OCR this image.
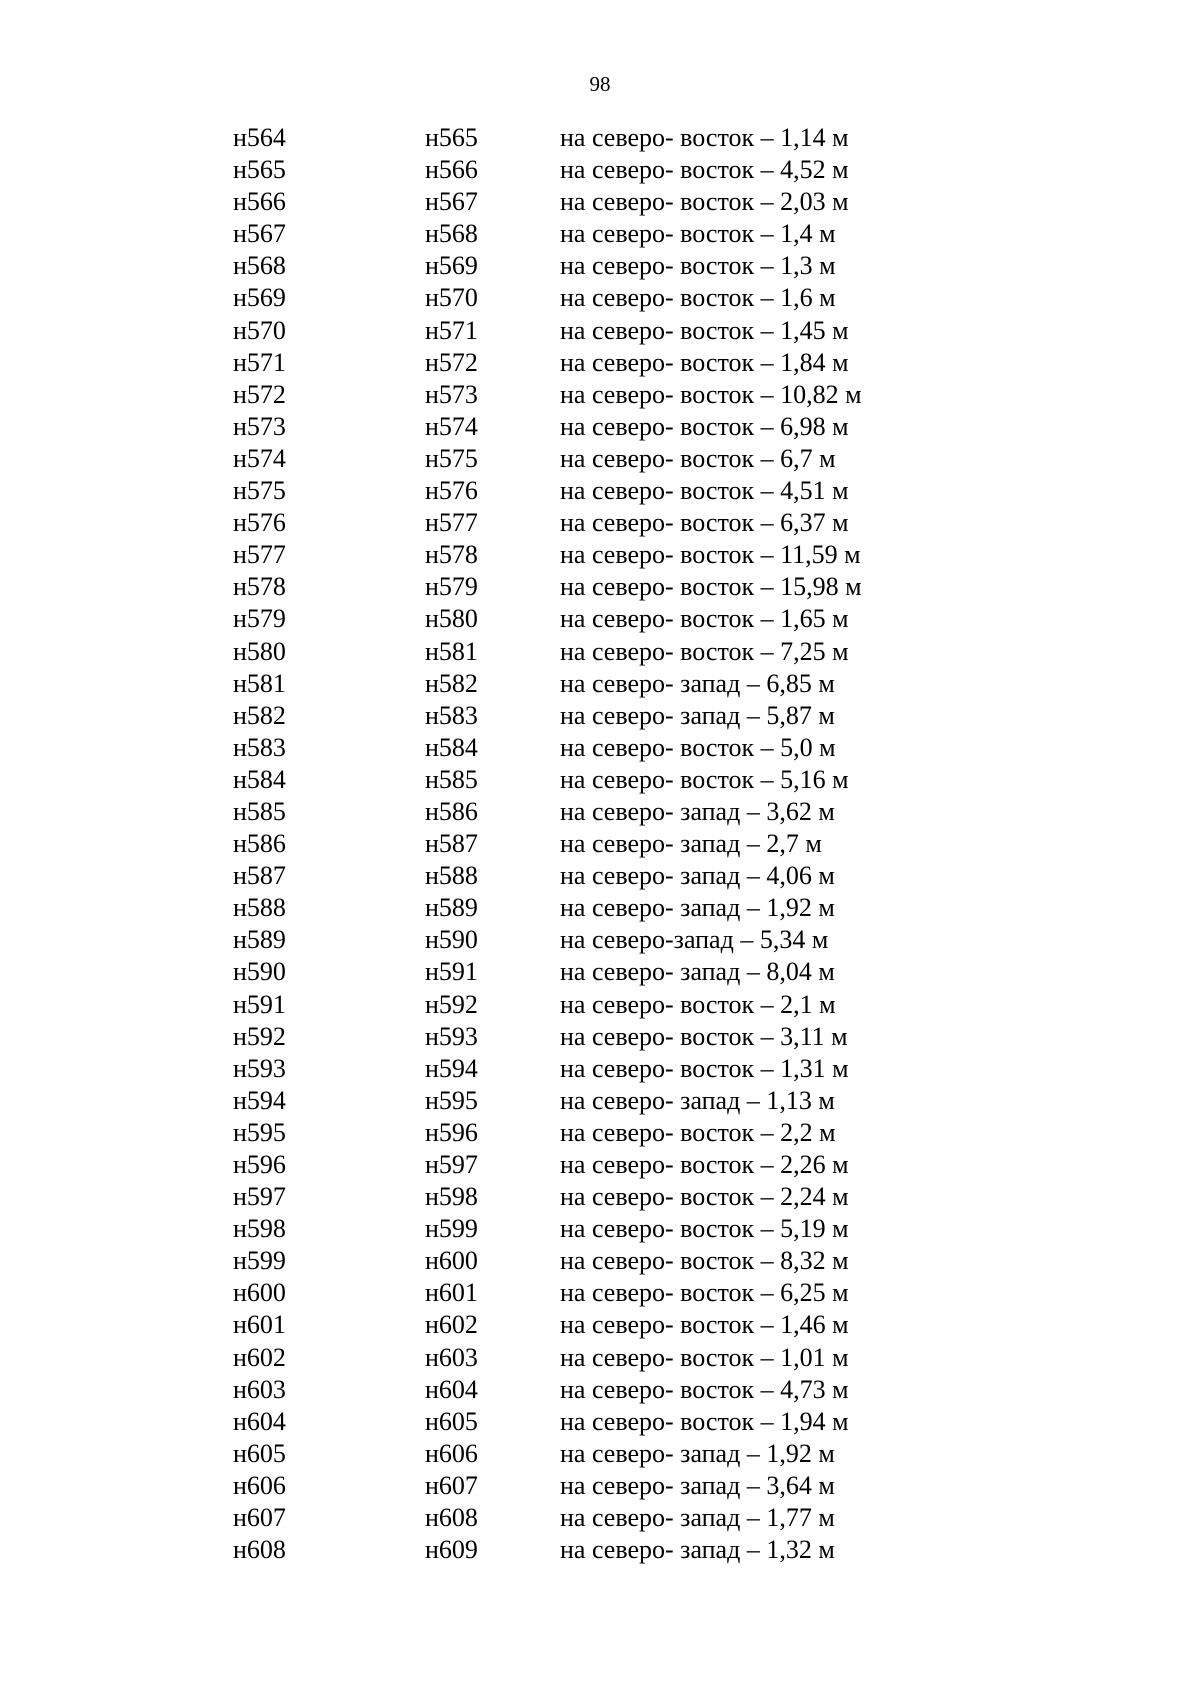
98
н564	н565	на северо- восток – 1,14 м
н565	н566	на северо- восток – 4,52 м
н566	н567	на северо- восток – 2,03 м
н567	н568	на северо- восток – 1,4 м
н568	н569	на северо- восток – 1,3 м
н569	н570	на северо- восток – 1,6 м
н570	н571	на северо- восток – 1,45 м
н571	н572	на северо- восток – 1,84 м
н572	н573	на северо- восток – 10,82 м
н573	н574	на северо- восток – 6,98 м
н574	н575	на северо- восток – 6,7 м
н575	н576	на северо- восток – 4,51 м
н576	н577	на северо- восток – 6,37 м
н577	н578	на северо- восток – 11,59 м
н578	н579	на северо- восток – 15,98 м
н579	н580	на северо- восток – 1,65 м
н580	н581	на северо- восток – 7,25 м
н581	н582	на северо- запад – 6,85 м
н582	н583	на северо- запад – 5,87 м
н583	н584	на северо- восток – 5,0 м
н584	н585	на северо- восток – 5,16 м
н585	н586	на северо- запад – 3,62 м
н586	н587	на северо- запад – 2,7 м
н587	н588	на северо- запад – 4,06 м
н588	н589	на северо- запад – 1,92 м
н589	н590	на северо-запад – 5,34 м
н590	н591	на северо- запад – 8,04 м
н591	н592	на северо- восток – 2,1 м
н592	н593	на северо- восток – 3,11 м
н593	н594	на северо- восток – 1,31 м
н594	н595	на северо- запад – 1,13 м
н595	н596	на северо- восток – 2,2 м
н596	н597	на северо- восток – 2,26 м
н597	н598	на северо- восток – 2,24 м
н598	н599	на северо- восток – 5,19 м
н599	н600	на северо- восток – 8,32 м
н600	н601	на северо- восток – 6,25 м
н601	н602	на северо- восток – 1,46 м
н602	н603	на северо- восток – 1,01 м
н603	н604	на северо- восток – 4,73 м
н604	н605	на северо- восток – 1,94 м
н605	н606	на северо- запад – 1,92 м
н606	н607	на северо- запад – 3,64 м
н607	н608	на северо- запад – 1,77 м
н608	н609	на северо- запад – 1,32 м
